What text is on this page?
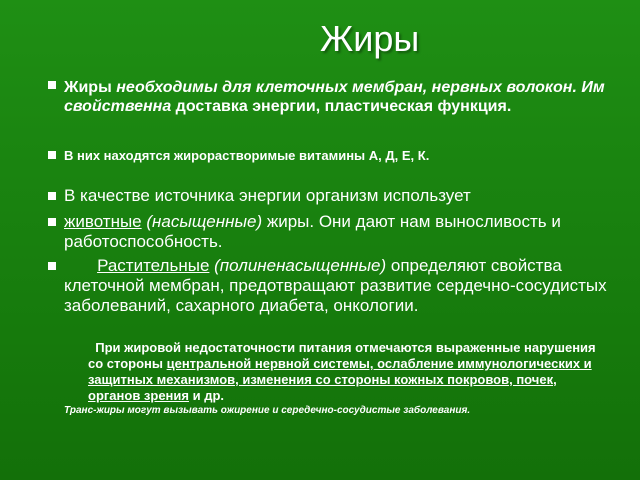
Жиры
Жиры необходимы для клеточных мембран, нервных волокон. Им свойственна доставка энергии, пластическая функция.
В них находятся жирорастворимые витамины А, Д, Е, К.
В качестве источника энергии организм использует
животные (насыщенные) жиры. Они дают нам выносливость и работоспособность.
Растительные (полиненасыщенные) определяют свойства клеточной мембран, предотвращают развитие сердечно-сосудистых заболеваний, сахарного диабета, онкологии.
При жировой недостаточности питания отмечаются выраженные нарушения со стороны центральной нервной системы, ослабление иммунологических и защитных механизмов, изменения со стороны кожных покровов, почек, органов зрения и др.
Транс-жиры могут вызывать ожирение и середечно-сосудистые заболевания.
